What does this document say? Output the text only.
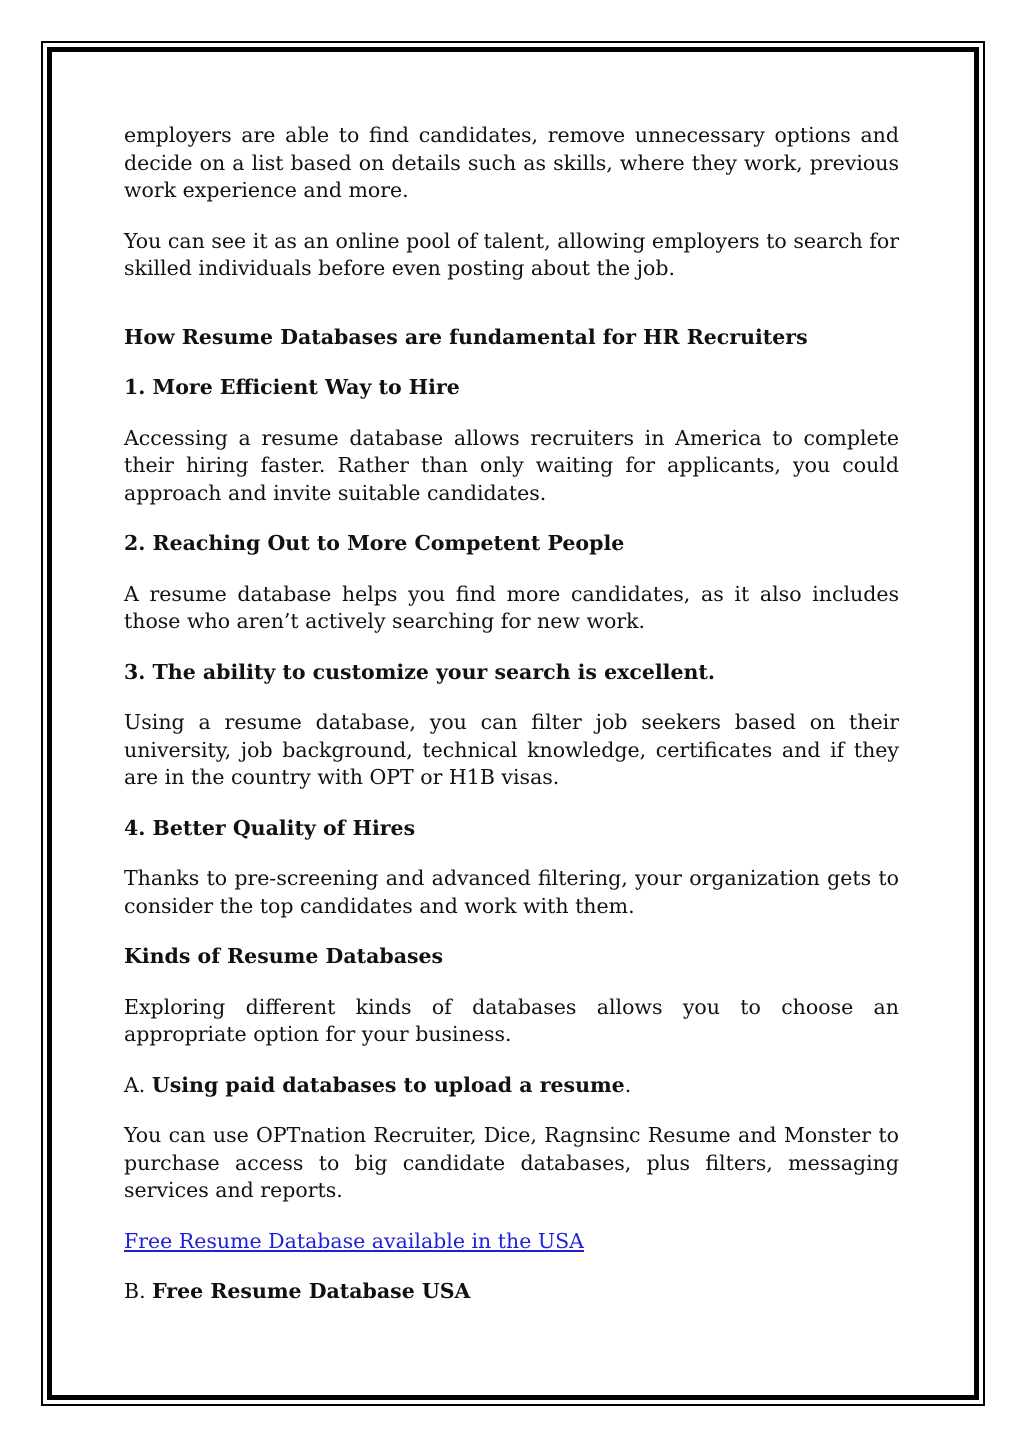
employers are able to find candidates, remove unnecessary options and decide on a list based on details such as skills, where they work, previous work experience and more.

You can see it as an online pool of talent, allowing employers to search for skilled individuals before even posting about the job.

How Resume Databases are fundamental for HR Recruiters

1. More Efficient Way to Hire

Accessing a resume database allows recruiters in America to complete their hiring faster. Rather than only waiting for applicants, you could approach and invite suitable candidates.

2. Reaching Out to More Competent People

A resume database helps you find more candidates, as it also includes those who aren’t actively searching for new work.

3. The ability to customize your search is excellent.

Using a resume database, you can filter job seekers based on their university, job background, technical knowledge, certificates and if they are in the country with OPT or H1B visas.

4. Better Quality of Hires

Thanks to pre-screening and advanced filtering, your organization gets to consider the top candidates and work with them.

Kinds of Resume Databases

Exploring different kinds of databases allows you to choose an appropriate option for your business.

A. Using paid databases to upload a resume.

You can use OPTnation Recruiter, Dice, Ragnsinc Resume and Monster to purchase access to big candidate databases, plus filters, messaging services and reports.

Free Resume Database available in the USA

B. Free Resume Database USA
